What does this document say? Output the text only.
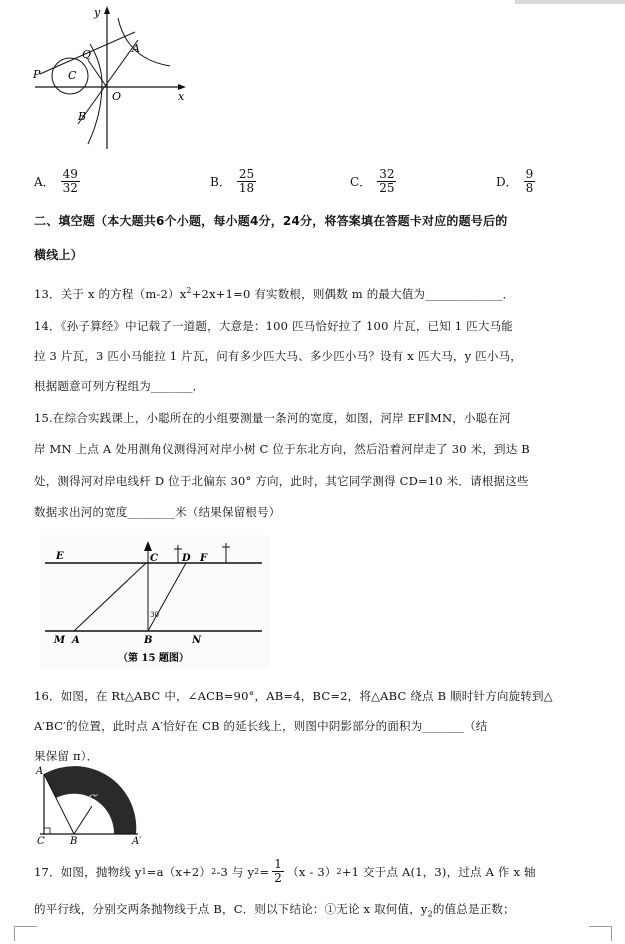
y
x
O
A
Q
P	C
B
A． $\frac{49}{32}$	B． $\frac{25}{18}$	C． $\frac{32}{25}$	D． $\frac{9}{8}$
二、填空题（本大题共6个小题，每小题4分，24分，将答案填在答题卡对应的题号后的
横线上）
13．关于 x 的方程$(m-2)x^2+2x+1=0$ 有实数根，则偶数 m 的最大值为_____________．
14．《孙子算经》中记载了一道题，大意是：100 匹马恰好拉了 100 片瓦，已知 1 匹大马能
拉 3 片瓦，3 匹小马能拉 1 片瓦，问有多少匹大马、多少匹小马？设有 x 匹大马，y 匹小马，
根据题意可列方程组为_______．
15.在综合实践课上，小聪所在的小组要测量一条河的宽度，如图，河岸 EF∥MN，小聪在河
岸 MN 上点 A 处用测角仪测得河对岸小树 C 位于东北方向，然后沿着河岸走了 30 米，到达 B
处，测得河对岸电线杆 D 位于北偏东 30° 方向，此时，其它同学测得 CD=10 米．请根据这些
数据求出河的宽度________米（结果保留根号）
E	C D F
M A	B	N
30
（第 15 题图）
16．如图，在 Rt△ABC 中，∠ACB=90°，AB=4，BC=2，将△ABC 绕点 B 顺时针方向旋转到△
A′BC′的位置，此时点 A′恰好在 CB 的延长线上，则图中阴影部分的面积为_______（结
果保留 π）．
A
C′
C	B	A′
17．如图，抛物线 y 1 =a（x+2） 2 -3 与 y $2 = \frac{1}{2} (x - 3)$ 2 +1 交于点 A(1，3)，过点 A 作 x 轴
的平行线，分别交两条抛物线于点 B，C．则以下结论：①无论 x 取何值，$y_2$的值总是正数；
